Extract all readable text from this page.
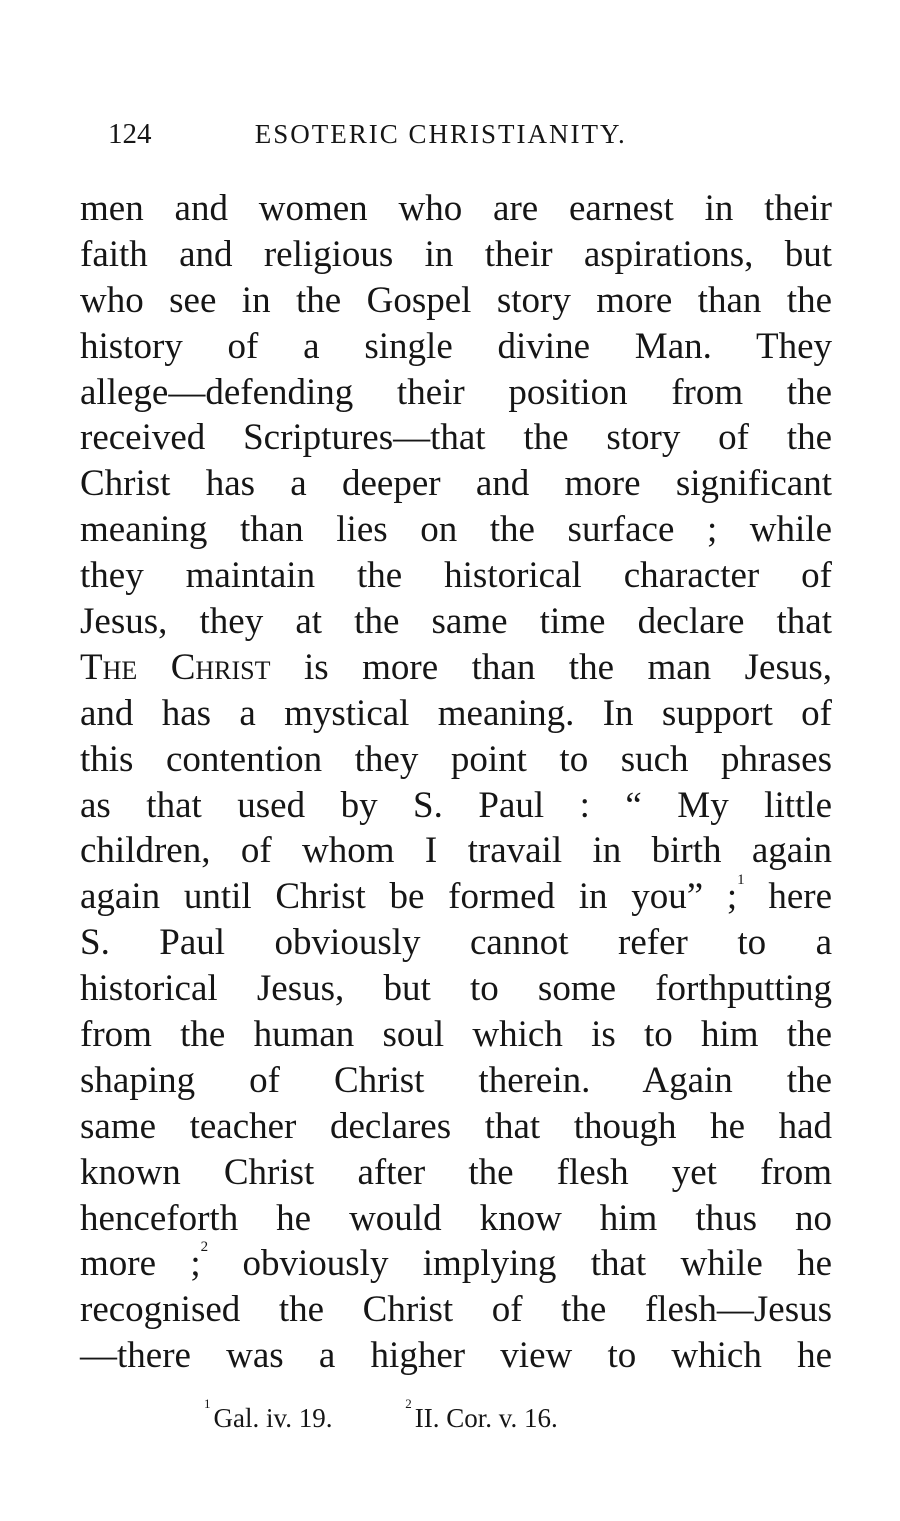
124	ESOTERIC CHRISTIANITY.
men and women who are earnest in their
faith and religious in their aspirations, but
who see in the Gospel story more than the
history of a single divine Man. They
allege—defending their position from the
received Scriptures—that the story of the
Christ has a deeper and more significant
meaning than lies on the surface ; while
they maintain the historical character of
Jesus, they at the same time declare that
The Christ is more than the man Jesus,
and has a mystical meaning. In support of
this contention they point to such phrases
as that used by S. Paul : “ My little
children, of whom I travail in birth again
again until Christ be formed in you” ;$^1$ here
S. Paul obviously cannot refer to a
historical Jesus, but to some forthputting
from the human soul which is to him the
shaping of Christ therein. Again the
same teacher declares that though he had
known Christ after the flesh yet from
henceforth he would know him thus no
more ;$^2$ obviously implying that while he
recognised the Christ of the flesh—Jesus
—there was a higher view to which he
$^1$ Gal. iv. 19.	$^2$ II. Cor. v. 16.
